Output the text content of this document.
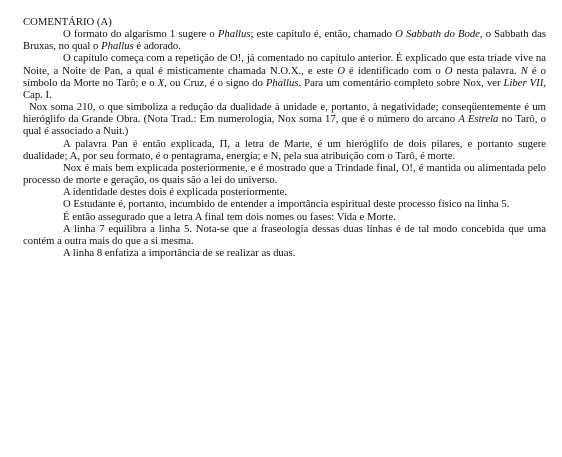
COMENTÁRIO (A)

O formato do algarismo 1 sugere o Phallus; este capítulo é, então, chamado O Sabbath do Bode, o Sabbath das Bruxas, no qual o Phallus é adorado.

O capítulo começa com a repetição de O!, já comentado no capítulo anterior. É explicado que esta tríade vive na Noite, a Noite de Pan, a qual é misticamente chamada N.O.X., e este O é identificado com o O nesta palavra. N é o símbolo da Morte no Tarô; e o X, ou Cruz, é o signo do Phallus. Para um comentário completo sobre Nox, ver Liber VII, Cap. I.

Nox soma 210, o que simboliza a redução da dualidade à unidade e, portanto, à negatividade; conseqüentemente é um hieróglifo da Grande Obra. (Nota Trad.: Em numerologia, Nox soma 17, que é o número do arcano A Estrela no Tarô, o qual é associado a Nuit.)

A palavra Pan é então explicada, Π, a letra de Marte, é um hieróglifo de dois pilares, e portanto sugere dualidade; A, por seu formato, é o pentagrama, energia; e N, pela sua atribuição com o Tarô, é morte.

Nox é mais bem explicada posteriormente, e é mostrado que a Trindade final, O!, é mantida ou alimentada pelo processo de morte e geração, os quais são a lei do universo.

A identidade destes dois é explicada posteriormente.

O Estudante é, portanto, incumbido de entender a importância espiritual deste processo físico na linha 5.

É então assegurado que a letra A final tem dois nomes ou fases: Vida e Morte.

A linha 7 equilibra a linha 5. Nota-se que a fraseologia dessas duas linhas é de tal modo concebida que uma contém a outra mais do que a si mesma.

A linha 8 enfatiza a importância de se realizar as duas.
